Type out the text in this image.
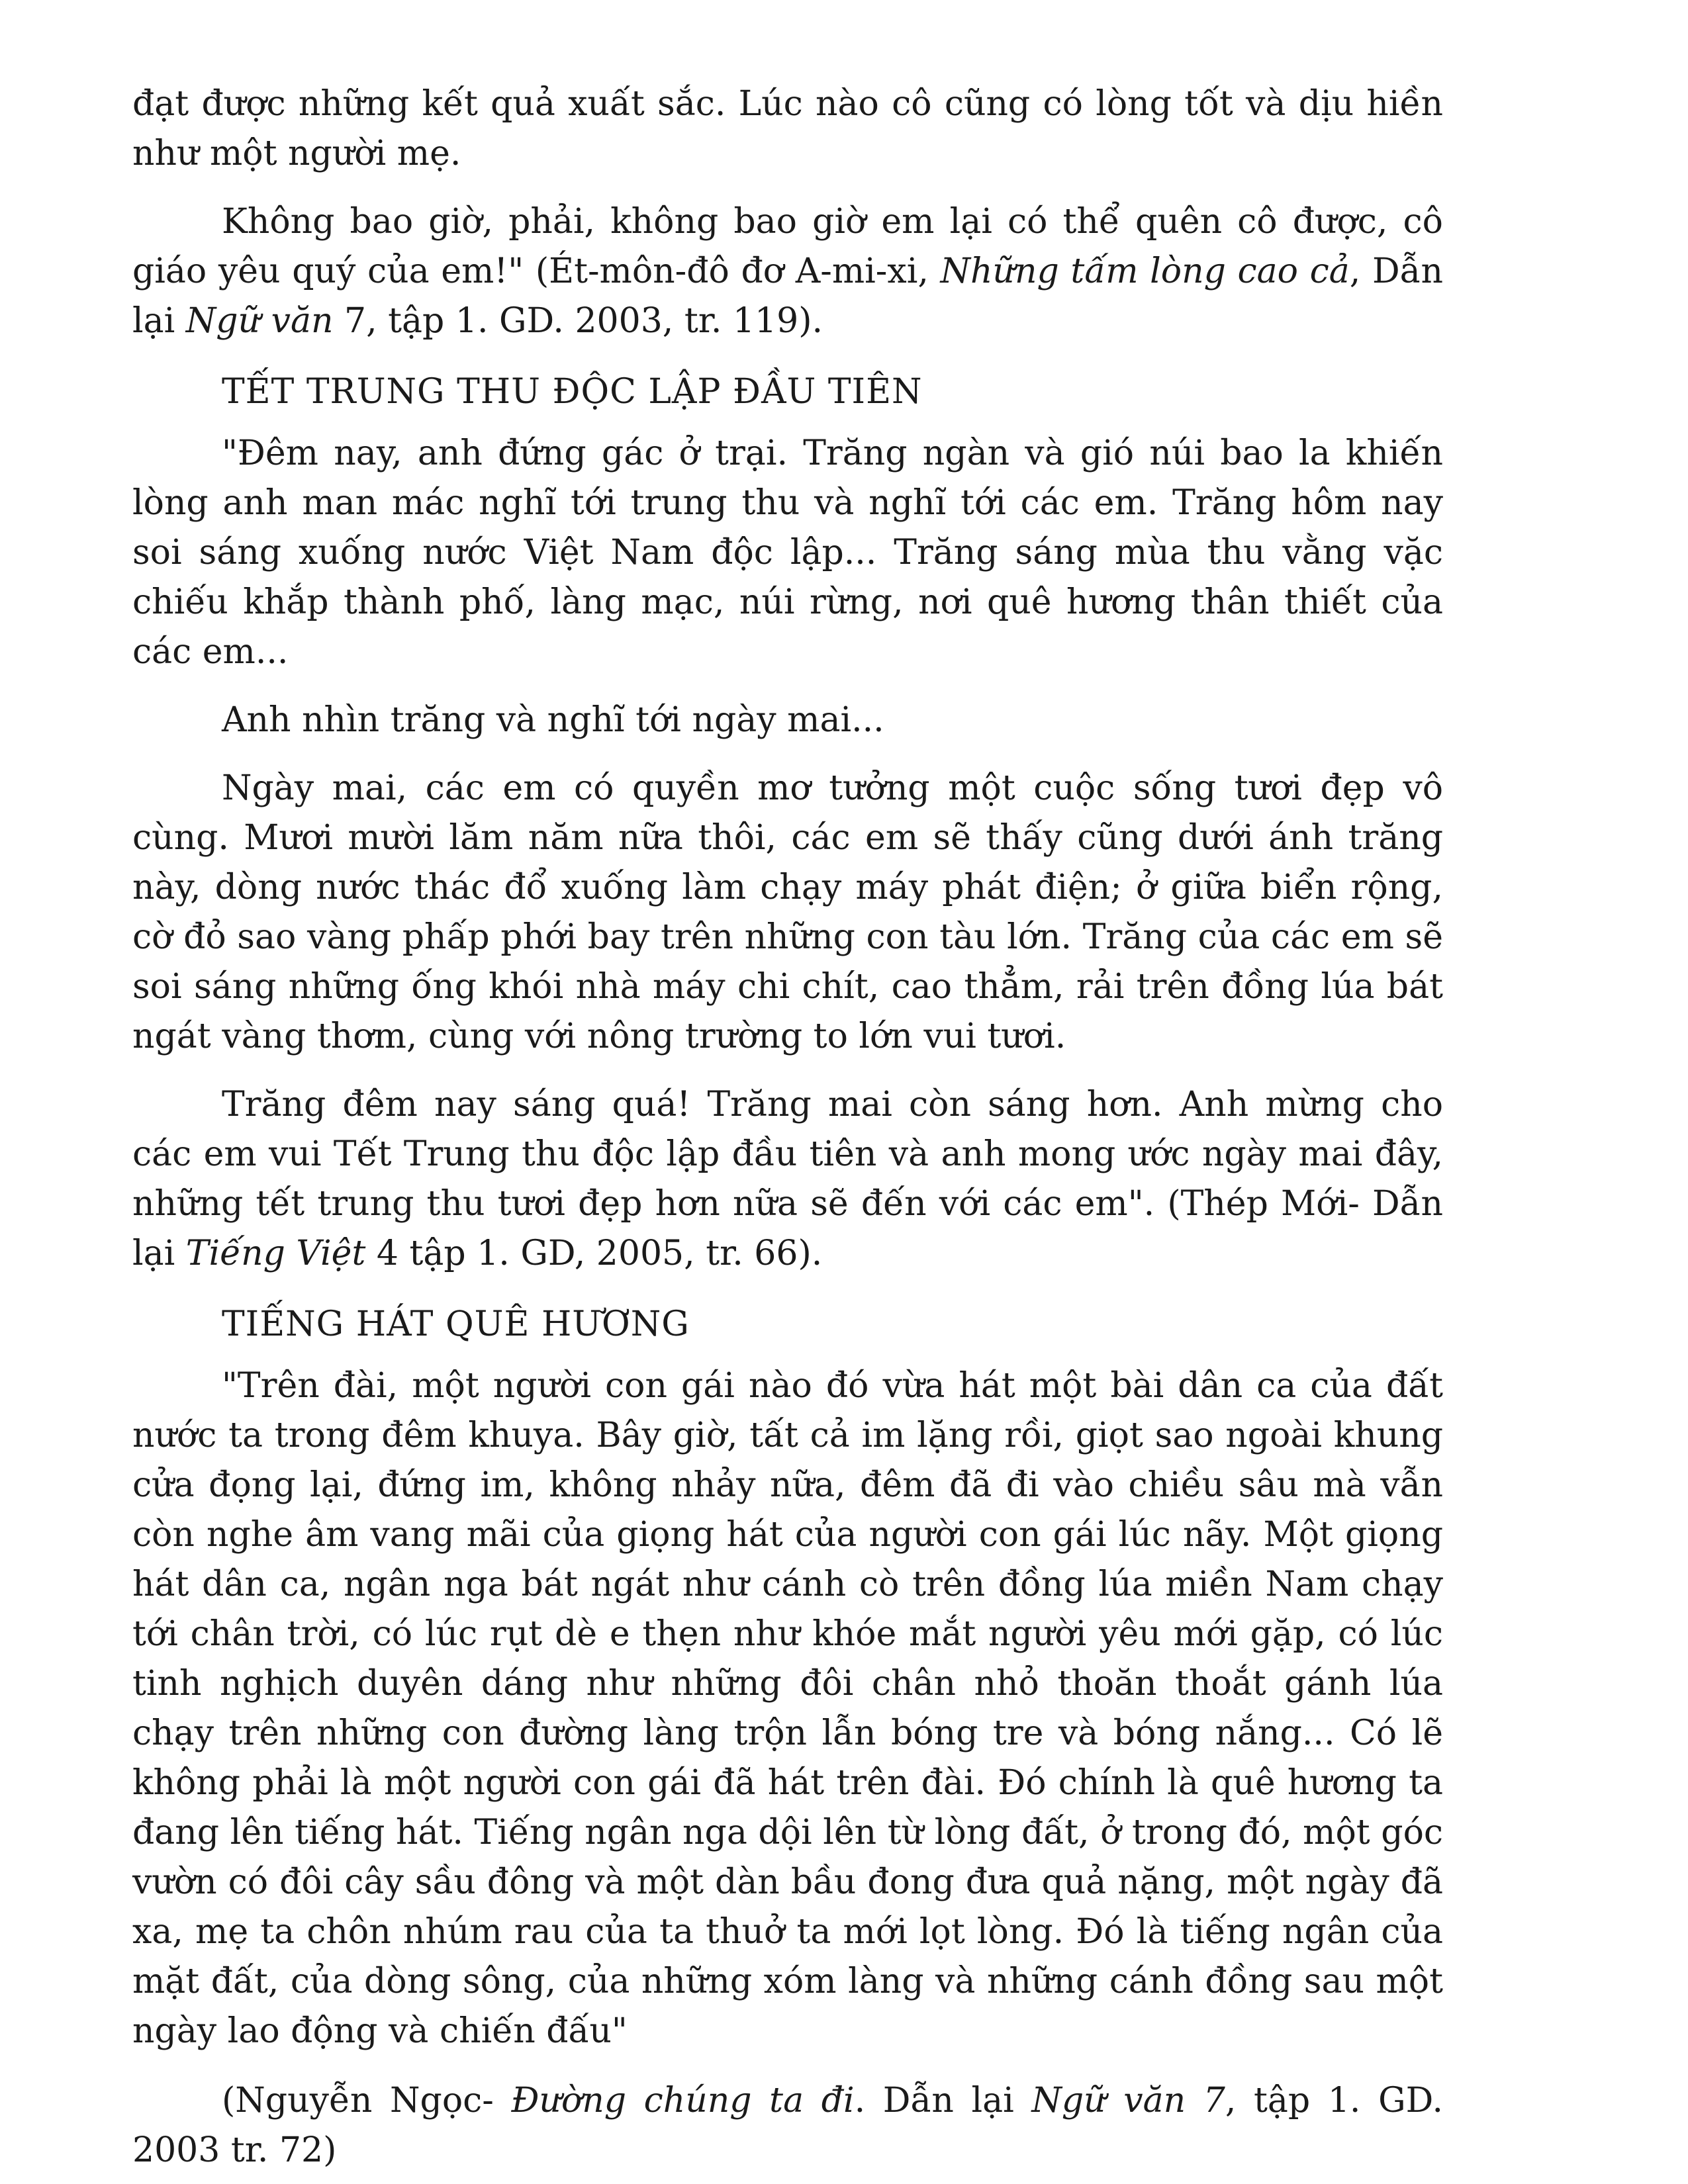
đạt được những kết quả xuất sắc. Lúc nào cô cũng có lòng tốt và dịu hiền như một người mẹ.

Không bao giờ, phải, không bao giờ em lại có thể quên cô được, cô giáo yêu quý của em!" (Ét-môn-đô đơ A-mi-xi, Những tấm lòng cao cả, Dẫn lại Ngữ văn 7, tập 1. GD. 2003, tr. 119).

TẾT TRUNG THU ĐỘC LẬP ĐẦU TIÊN

"Đêm nay, anh đứng gác ở trại. Trăng ngàn và gió núi bao la khiến lòng anh man mác nghĩ tới trung thu và nghĩ tới các em. Trăng hôm nay soi sáng xuống nước Việt Nam độc lập... Trăng sáng mùa thu vằng vặc chiếu khắp thành phố, làng mạc, núi rừng, nơi quê hương thân thiết của các em...

Anh nhìn trăng và nghĩ tới ngày mai...

Ngày mai, các em có quyền mơ tưởng một cuộc sống tươi đẹp vô cùng. Mươi mười lăm năm nữa thôi, các em sẽ thấy cũng dưới ánh trăng này, dòng nước thác đổ xuống làm chạy máy phát điện; ở giữa biển rộng, cờ đỏ sao vàng phấp phới bay trên những con tàu lớn. Trăng của các em sẽ soi sáng những ống khói nhà máy chi chít, cao thẳm, rải trên đồng lúa bát ngát vàng thơm, cùng với nông trường to lớn vui tươi.

Trăng đêm nay sáng quá! Trăng mai còn sáng hơn. Anh mừng cho các em vui Tết Trung thu độc lập đầu tiên và anh mong ước ngày mai đây, những tết trung thu tươi đẹp hơn nữa sẽ đến với các em". (Thép Mới- Dẫn lại Tiếng Việt 4 tập 1. GD, 2005, tr. 66).

TIẾNG HÁT QUÊ HƯƠNG

"Trên đài, một người con gái nào đó vừa hát một bài dân ca của đất nước ta trong đêm khuya. Bây giờ, tất cả im lặng rồi, giọt sao ngoài khung cửa đọng lại, đứng im, không nhảy nữa, đêm đã đi vào chiều sâu mà vẫn còn nghe âm vang mãi của giọng hát của người con gái lúc nãy. Một giọng hát dân ca, ngân nga bát ngát như cánh cò trên đồng lúa miền Nam chạy tới chân trời, có lúc rụt dè e thẹn như khóe mắt người yêu mới gặp, có lúc tinh nghịch duyên dáng như những đôi chân nhỏ thoăn thoắt gánh lúa chạy trên những con đường làng trộn lẫn bóng tre và bóng nắng... Có lẽ không phải là một người con gái đã hát trên đài. Đó chính là quê hương ta đang lên tiếng hát. Tiếng ngân nga dội lên từ lòng đất, ở trong đó, một góc vườn có đôi cây sầu đông và một dàn bầu đong đưa quả nặng, một ngày đã xa, mẹ ta chôn nhúm rau của ta thuở ta mới lọt lòng. Đó là tiếng ngân của mặt đất, của dòng sông, của những xóm làng và những cánh đồng sau một ngày lao động và chiến đấu"

(Nguyễn Ngọc- Đường chúng ta đi. Dẫn lại Ngữ văn 7, tập 1. GD. 2003 tr. 72)
